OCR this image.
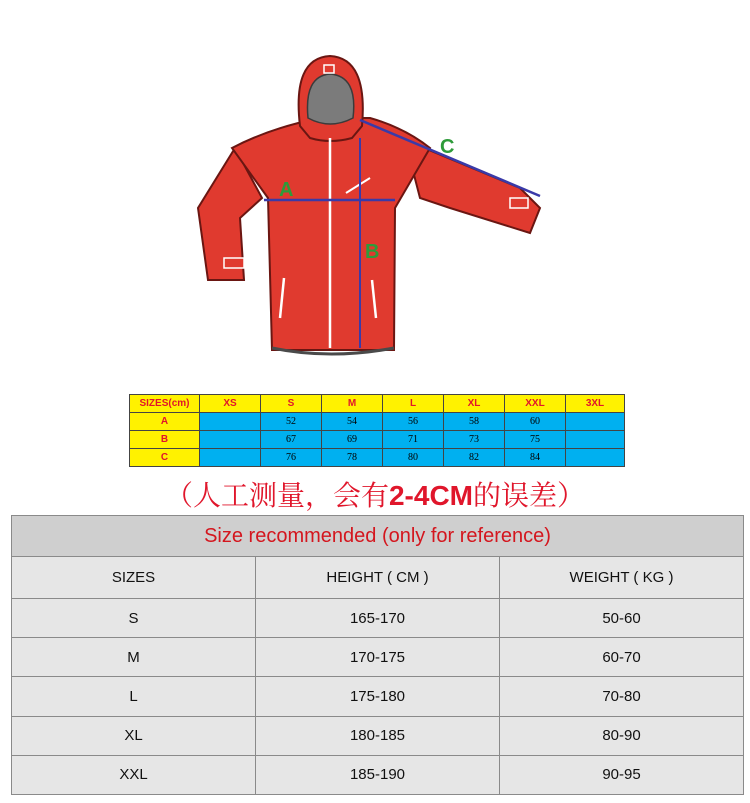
A
B
C
SIZES(cm)	XS	S	M	L	XL	XXL	3XL
A		52	54	56	58	60	
B		67	69	71	73	75	
C		76	78	80	82	84	
（人工测量，会有2-4CM的误差）
Size recommended (only for reference)		
SIZES	HEIGHT ( CM )	WEIGHT ( KG )
S	165-170	50-60
M	170-175	60-70
L	175-180	70-80
XL	180-185	80-90
XXL	185-190	90-95
